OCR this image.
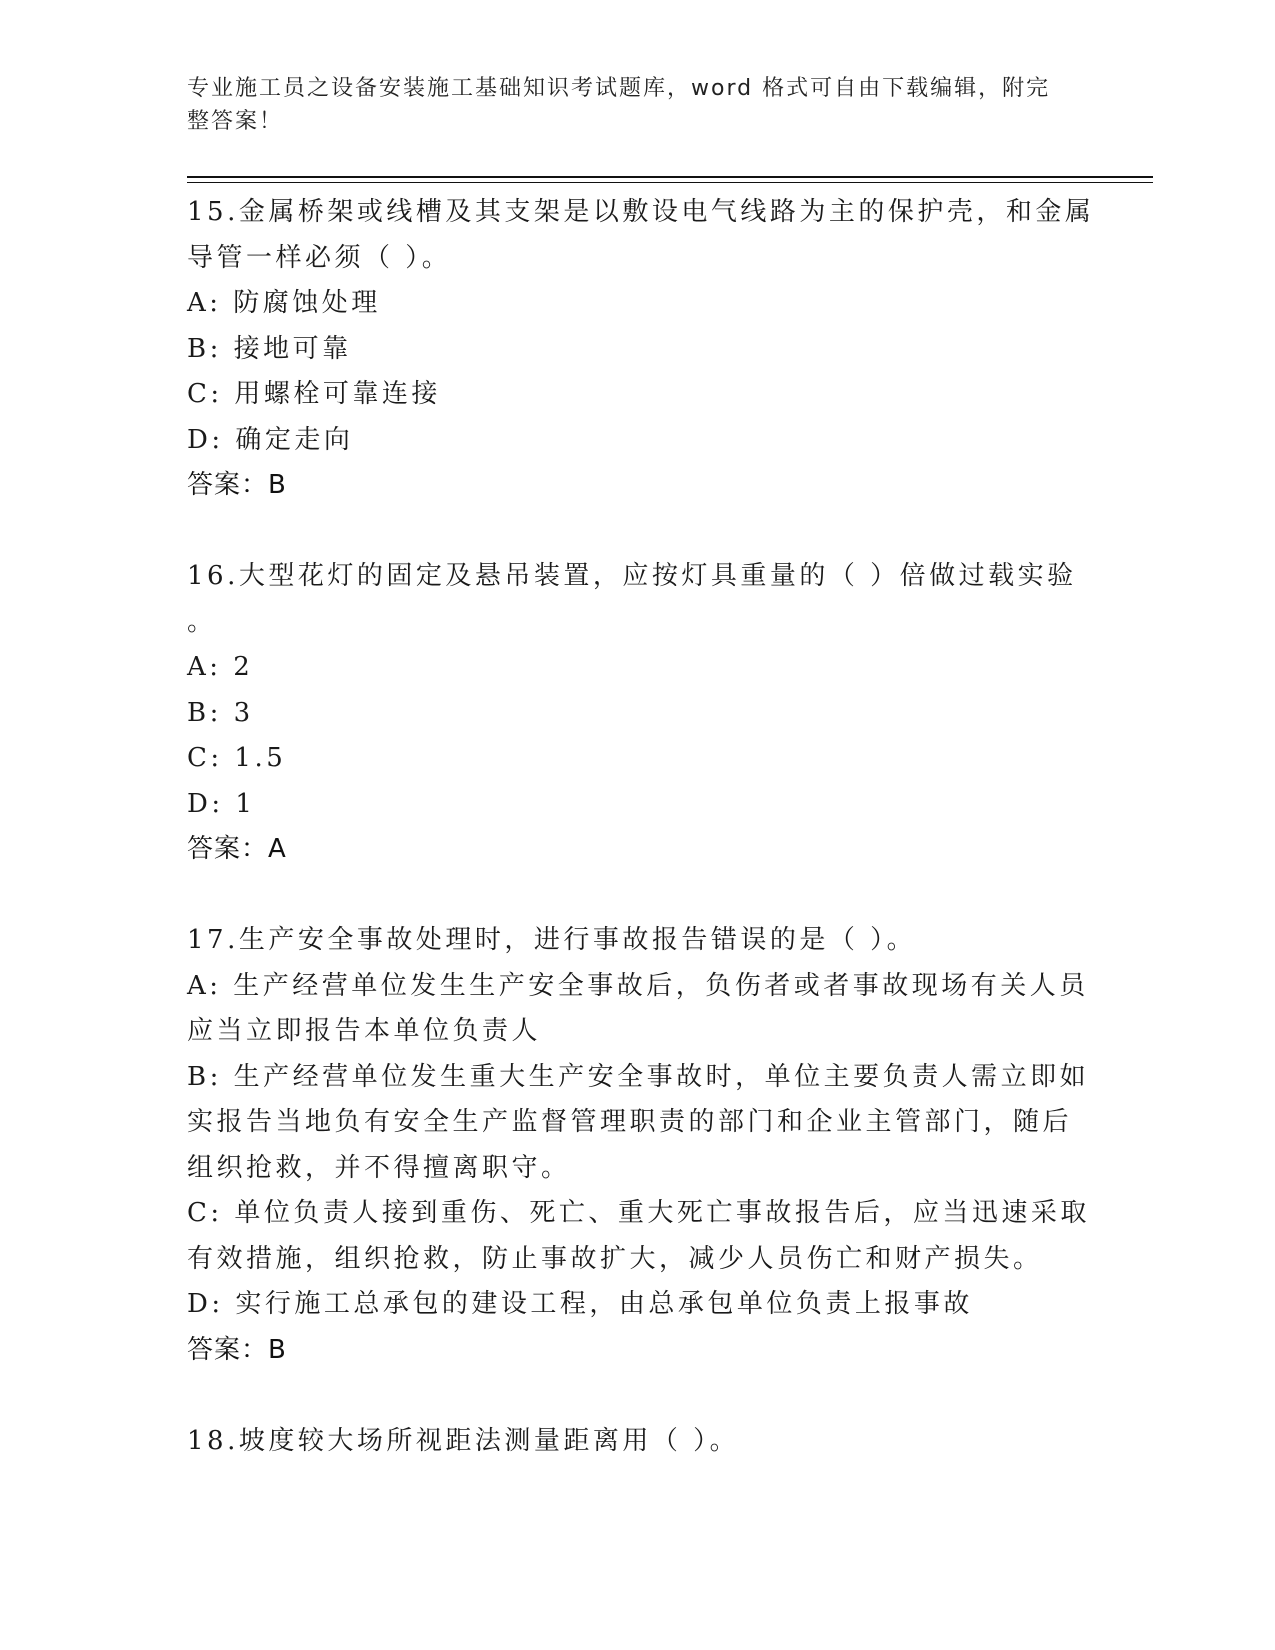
专业施工员之设备安装施工基础知识考试题库，word 格式可自由下载编辑，附完
整答案！
15.金属桥架或线槽及其支架是以敷设电气线路为主的保护壳，和金属
导管一样必须（ ）。
A: 防腐蚀处理
B: 接地可靠
C: 用螺栓可靠连接
D: 确定走向
答案：B
16.大型花灯的固定及悬吊装置，应按灯具重量的（ ）倍做过载实验
。
A: 2
B: 3
C: 1.5
D: 1
答案：A
17.生产安全事故处理时，进行事故报告错误的是（ ）。
A: 生产经营单位发生生产安全事故后，负伤者或者事故现场有关人员
应当立即报告本单位负责人
B: 生产经营单位发生重大生产安全事故时，单位主要负责人需立即如
实报告当地负有安全生产监督管理职责的部门和企业主管部门，随后
组织抢救，并不得擅离职守。
C: 单位负责人接到重伤、死亡、重大死亡事故报告后，应当迅速采取
有效措施，组织抢救，防止事故扩大，减少人员伤亡和财产损失。
D: 实行施工总承包的建设工程，由总承包单位负责上报事故
答案：B
18.坡度较大场所视距法测量距离用（ ）。
